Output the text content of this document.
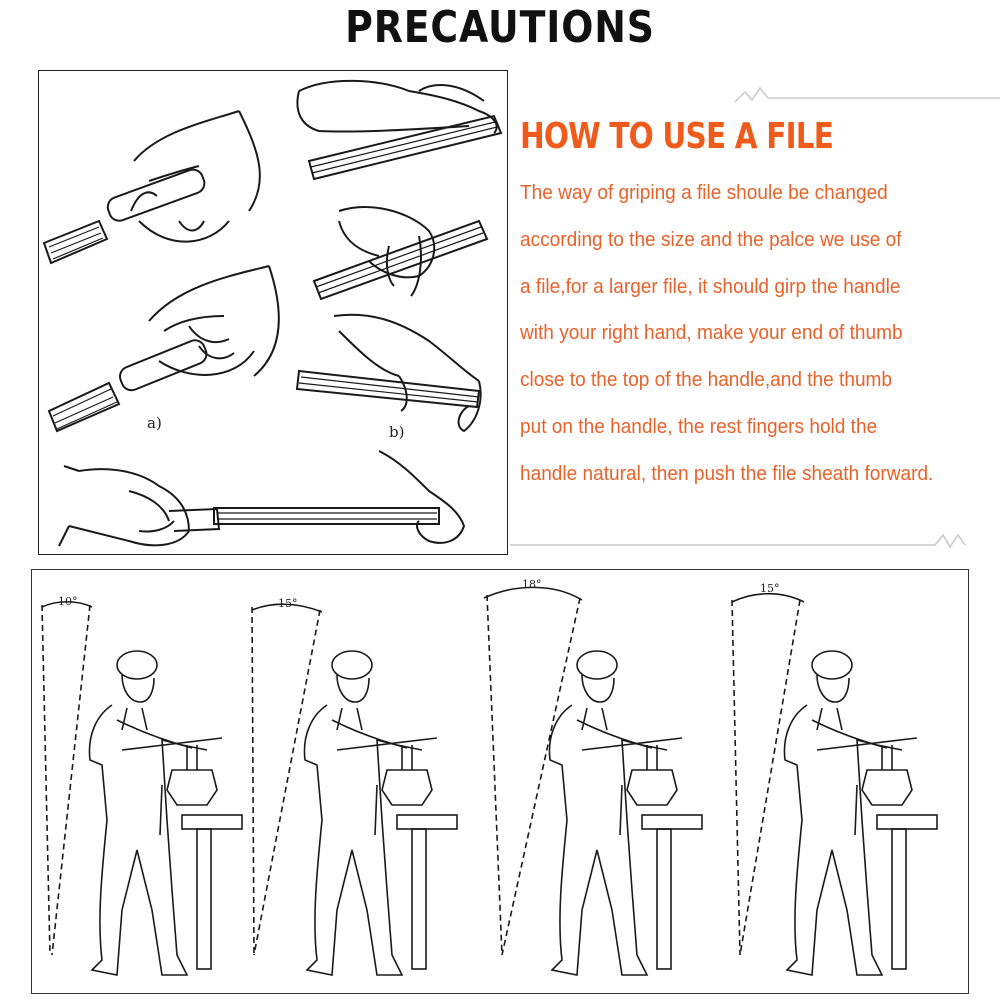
PRECAUTIONS
a)	b)
HOW TO USE A FILE
The way of griping a file shoule be changed
according to the size and the palce we use of
a file,for a larger file, it should girp the handle
with your right hand, make your end of thumb
close to the top of the handle,and the thumb
put on the handle, the rest fingers hold the
handle natural, then push the file sheath forward.
10°	15°
18°	15°
